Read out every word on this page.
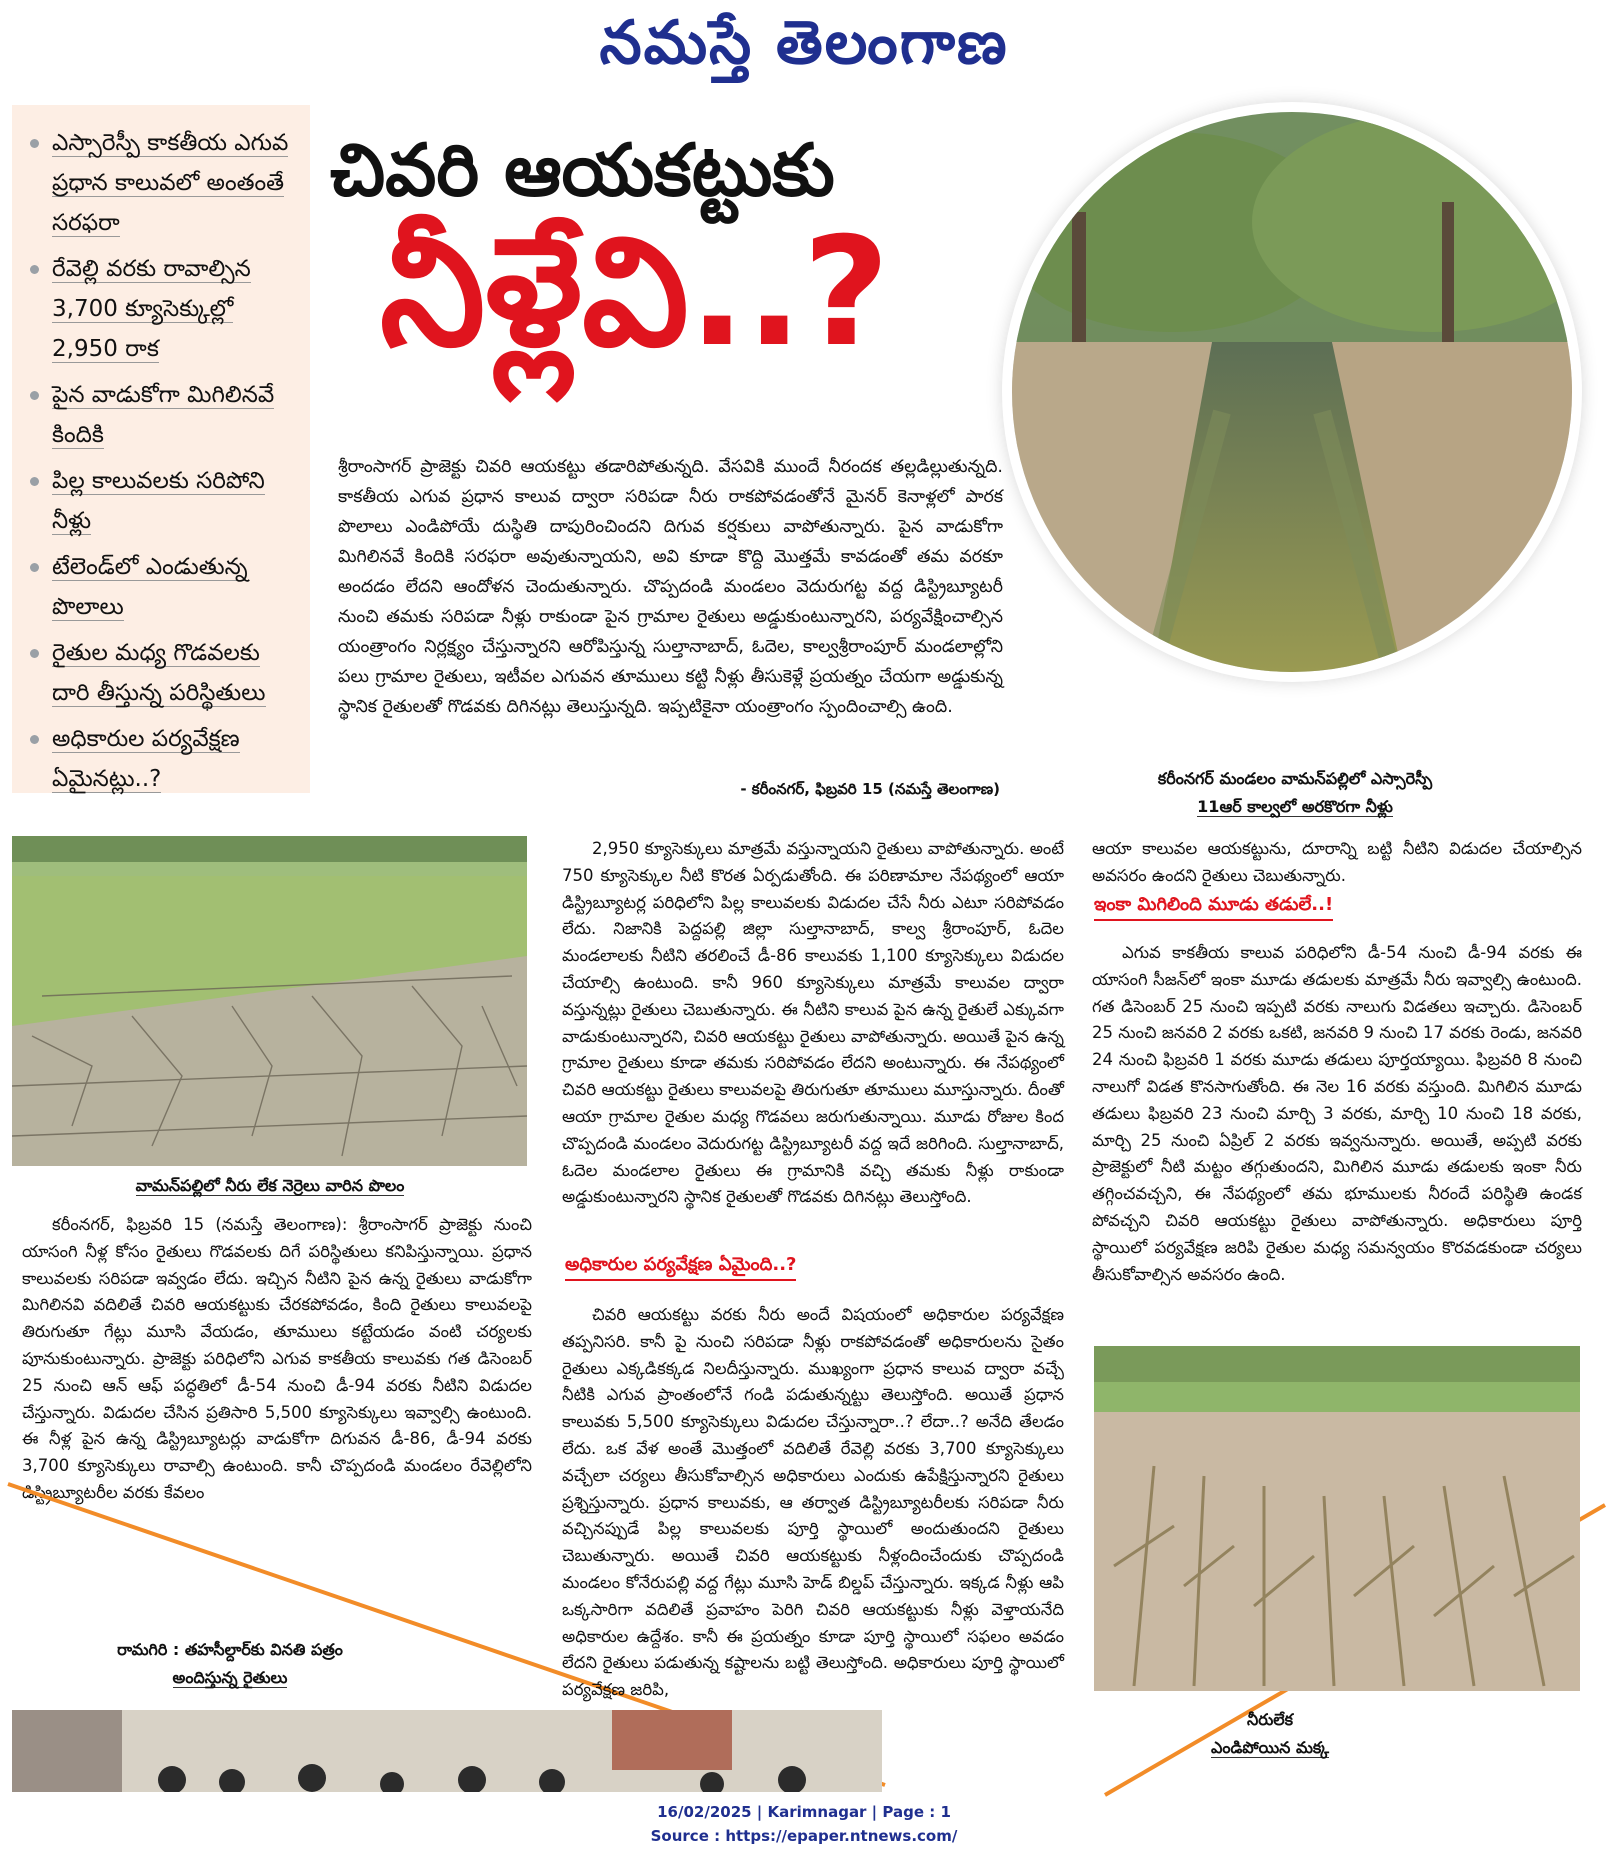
నమస్తే తెలంగాణ
ఎస్సారెస్పీ కాకతీయ ఎగువ ప్రధాన కాలువలో అంతంతే సరఫరా
రేవెల్లి వరకు రావాల్సిన 3,700 క్యూసెక్కుల్లో 2,950 రాక
పైన వాడుకోగా మిగిలినవే కిందికి
పిల్ల కాలువలకు సరిపోని నీళ్లు
టేలెండ్‌లో ఎండుతున్న పొలాలు
రైతుల మధ్య గొడవలకు దారి తీస్తున్న పరిస్థితులు
అధికారుల పర్యవేక్షణ ఏమైనట్లు..?
చివరి ఆయకట్టుకు
నీళ్లేవి..?

శ్రీరాంసాగర్ ప్రాజెక్టు చివరి ఆయకట్టు తడారిపోతున్నది. వేసవికి ముందే నీరందక తల్లడిల్లుతున్నది. కాకతీయ ఎగువ ప్రధాన కాలువ ద్వారా సరిపడా నీరు రాకపోవడంతోనే మైనర్ కెనాళ్లలో పారక పొలాలు ఎండిపోయే దుస్థితి దాపురించిందని దిగువ కర్షకులు వాపోతున్నారు. పైన వాడుకోగా మిగిలినవే కిందికి సరఫరా అవుతున్నాయని, అవి కూడా కొద్ది మొత్తమే కావడంతో తమ వరకూ అందడం లేదని ఆందోళన చెందుతున్నారు. చొప్పదండి మండలం వెదురుగట్ట వద్ద డిస్ట్రిబ్యూటరీ నుంచి తమకు సరిపడా నీళ్లు రాకుండా పైన గ్రామాల రైతులు అడ్డుకుంటున్నారని, పర్యవేక్షించాల్సిన యంత్రాంగం నిర్లక్ష్యం చేస్తున్నారని ఆరోపిస్తున్న సుల్తానాబాద్, ఓదెల, కాల్వశ్రీరాంపూర్ మండలాల్లోని పలు గ్రామాల రైతులు, ఇటీవల ఎగువన తూములు కట్టి నీళ్లు తీసుకెళ్లే ప్రయత్నం చేయగా అడ్డుకున్న స్థానిక రైతులతో గొడవకు దిగినట్లు తెలుస్తున్నది. ఇప్పటికైనా యంత్రాంగం స్పందించాల్సి ఉంది.

- కరీంనగర్, ఫిబ్రవరి 15 (నమస్తే తెలంగాణ)
కరీంనగర్ మండలం వామన్‌పల్లిలో ఎస్సారెస్పీ
11ఆర్ కాల్వలో అరకొరగా నీళ్లు
వామన్‌పల్లిలో నీరు లేక నెర్రెలు వారిన పొలం

కరీంనగర్, ఫిబ్రవరి 15 (నమస్తే తెలంగాణ): శ్రీరాంసాగర్ ప్రాజెక్టు నుంచి యాసంగి నీళ్ల కోసం రైతులు గొడవలకు దిగే పరిస్థితులు కనిపిస్తున్నాయి. ప్రధాన కాలువలకు సరిపడా ఇవ్వడం లేదు. ఇచ్చిన నీటిని పైన ఉన్న రైతులు వాడుకోగా మిగిలినవి వదిలితే చివరి ఆయకట్టుకు చేరకపోవడం, కింది రైతులు కాలువలపై తిరుగుతూ గేట్లు మూసి వేయడం, తూములు కట్టేయడం వంటి చర్యలకు పూనుకుంటున్నారు. ప్రాజెక్టు పరిధిలోని ఎగువ కాకతీయ కాలువకు గత డిసెంబర్ 25 నుంచి ఆన్ ఆఫ్ పద్ధతిలో డీ-54 నుంచి డీ-94 వరకు నీటిని విడుదల చేస్తున్నారు. విడుదల చేసిన ప్రతిసారి 5,500 క్యూసెక్కులు ఇవ్వాల్సి ఉంటుంది. ఈ నీళ్ల పైన ఉన్న డిస్ట్రిబ్యూటర్లు వాడుకోగా దిగువన డీ-86, డీ-94 వరకు 3,700 క్యూసెక్కులు రావాల్సి ఉంటుంది. కానీ చొప్పదండి మండలం రేవెల్లిలోని డిస్ట్రిబ్యూటరీల వరకు కేవలం

రామగిరి : తహసీల్దార్‌కు వినతి పత్రం
అందిస్తున్న రైతులు

2,950 క్యూసెక్కులు మాత్రమే వస్తున్నాయని రైతులు వాపోతున్నారు. అంటే 750 క్యూసెక్కుల నీటి కొరత ఏర్పడుతోంది. ఈ పరిణామాల నేపథ్యంలో ఆయా డిస్ట్రిబ్యూటర్ల పరిధిలోని పిల్ల కాలువలకు విడుదల చేసే నీరు ఎటూ సరిపోవడం లేదు. నిజానికి పెద్దపల్లి జిల్లా సుల్తానాబాద్, కాల్వ శ్రీరాంపూర్, ఓదెల మండలాలకు నీటిని తరలించే డీ-86 కాలువకు 1,100 క్యూసెక్కులు విడుదల చేయాల్సి ఉంటుంది. కానీ 960 క్యూసెక్కులు మాత్రమే కాలువల ద్వారా వస్తున్నట్లు రైతులు చెబుతున్నారు. ఈ నీటిని కాలువ పైన ఉన్న రైతులే ఎక్కువగా వాడుకుంటున్నారని, చివరి ఆయకట్టు రైతులు వాపోతున్నారు. అయితే పైన ఉన్న గ్రామాల రైతులు కూడా తమకు సరిపోవడం లేదని అంటున్నారు. ఈ నేపథ్యంలో చివరి ఆయకట్టు రైతులు కాలువలపై తిరుగుతూ తూములు మూస్తున్నారు. దీంతో ఆయా గ్రామాల రైతుల మధ్య గొడవలు జరుగుతున్నాయి. మూడు రోజుల కింద చొప్పదండి మండలం వెదురుగట్ట డిస్ట్రిబ్యూటరీ వద్ద ఇదే జరిగింది. సుల్తానాబాద్, ఓదెల మండలాల రైతులు ఈ గ్రామానికి వచ్చి తమకు నీళ్లు రాకుండా అడ్డుకుంటున్నారని స్థానిక రైతులతో గొడవకు దిగినట్లు తెలుస్తోంది.

అధికారుల పర్యవేక్షణ ఏమైంది..?

చివరి ఆయకట్టు వరకు నీరు అందే విషయంలో అధికారుల పర్యవేక్షణ తప్పనిసరి. కానీ పై నుంచి సరిపడా నీళ్లు రాకపోవడంతో అధికారులను సైతం రైతులు ఎక్కడికక్కడ నిలదీస్తున్నారు. ముఖ్యంగా ప్రధాన కాలువ ద్వారా వచ్చే నీటికి ఎగువ ప్రాంతంలోనే గండి పడుతున్నట్టు తెలుస్తోంది. అయితే ప్రధాన కాలువకు 5,500 క్యూసెక్కులు విడుదల చేస్తున్నారా..? లేదా..? అనేది తేలడం లేదు. ఒక వేళ అంతే మొత్తంలో వదిలితే రేవెల్లి వరకు 3,700 క్యూసెక్కులు వచ్చేలా చర్యలు తీసుకోవాల్సిన అధికారులు ఎందుకు ఉపేక్షిస్తున్నారని రైతులు ప్రశ్నిస్తున్నారు. ప్రధాన కాలువకు, ఆ తర్వాత డిస్ట్రిబ్యూటరీలకు సరిపడా నీరు వచ్చినప్పుడే పిల్ల కాలువలకు పూర్తి స్థాయిలో అందుతుందని రైతులు చెబుతున్నారు. అయితే చివరి ఆయకట్టుకు నీళ్లందించేందుకు చొప్పదండి మండలం కోనేరుపల్లి వద్ద గేట్లు మూసి హెడ్ బిల్డప్ చేస్తున్నారు. ఇక్కడ నీళ్లు ఆపి ఒక్కసారిగా వదిలితే ప్రవాహం పెరిగి చివరి ఆయకట్టుకు నీళ్లు వెళ్తాయనేది అధికారుల ఉద్దేశం. కానీ ఈ ప్రయత్నం కూడా పూర్తి స్థాయిలో సఫలం అవడం లేదని రైతులు పడుతున్న కష్టాలను బట్టి తెలుస్తోంది. అధికారులు పూర్తి స్థాయిలో పర్యవేక్షణ జరిపి,

ఆయా కాలువల ఆయకట్టును, దూరాన్ని బట్టి నీటిని విడుదల చేయాల్సిన అవసరం ఉందని రైతులు చెబుతున్నారు.

ఇంకా మిగిలింది మూడు తడులే..!

ఎగువ కాకతీయ కాలువ పరిధిలోని డీ-54 నుంచి డీ-94 వరకు ఈ యాసంగి సీజన్‌లో ఇంకా మూడు తడులకు మాత్రమే నీరు ఇవ్వాల్సి ఉంటుంది. గత డిసెంబర్ 25 నుంచి ఇప్పటి వరకు నాలుగు విడతలు ఇచ్చారు. డిసెంబర్ 25 నుంచి జనవరి 2 వరకు ఒకటి, జనవరి 9 నుంచి 17 వరకు రెండు, జనవరి 24 నుంచి ఫిబ్రవరి 1 వరకు మూడు తడులు పూర్తయ్యాయి. ఫిబ్రవరి 8 నుంచి నాలుగో విడత కొనసాగుతోంది. ఈ నెల 16 వరకు వస్తుంది. మిగిలిన మూడు తడులు ఫిబ్రవరి 23 నుంచి మార్చి 3 వరకు, మార్చి 10 నుంచి 18 వరకు, మార్చి 25 నుంచి ఏప్రిల్ 2 వరకు ఇవ్వనున్నారు. అయితే, అప్పటి వరకు ప్రాజెక్టులో నీటి మట్టం తగ్గుతుందని, మిగిలిన మూడు తడులకు ఇంకా నీరు తగ్గించవచ్చని, ఈ నేపథ్యంలో తమ భూములకు నీరందే పరిస్థితి ఉండక పోవచ్చని చివరి ఆయకట్టు రైతులు వాపోతున్నారు. అధికారులు పూర్తి స్థాయిలో పర్యవేక్షణ జరిపి రైతుల మధ్య సమన్వయం కొరవడకుండా చర్యలు తీసుకోవాల్సిన అవసరం ఉంది.

నీరులేక
ఎండిపోయిన మక్క
16/02/2025 | Karimnagar | Page : 1
Source : https://epaper.ntnews.com/
